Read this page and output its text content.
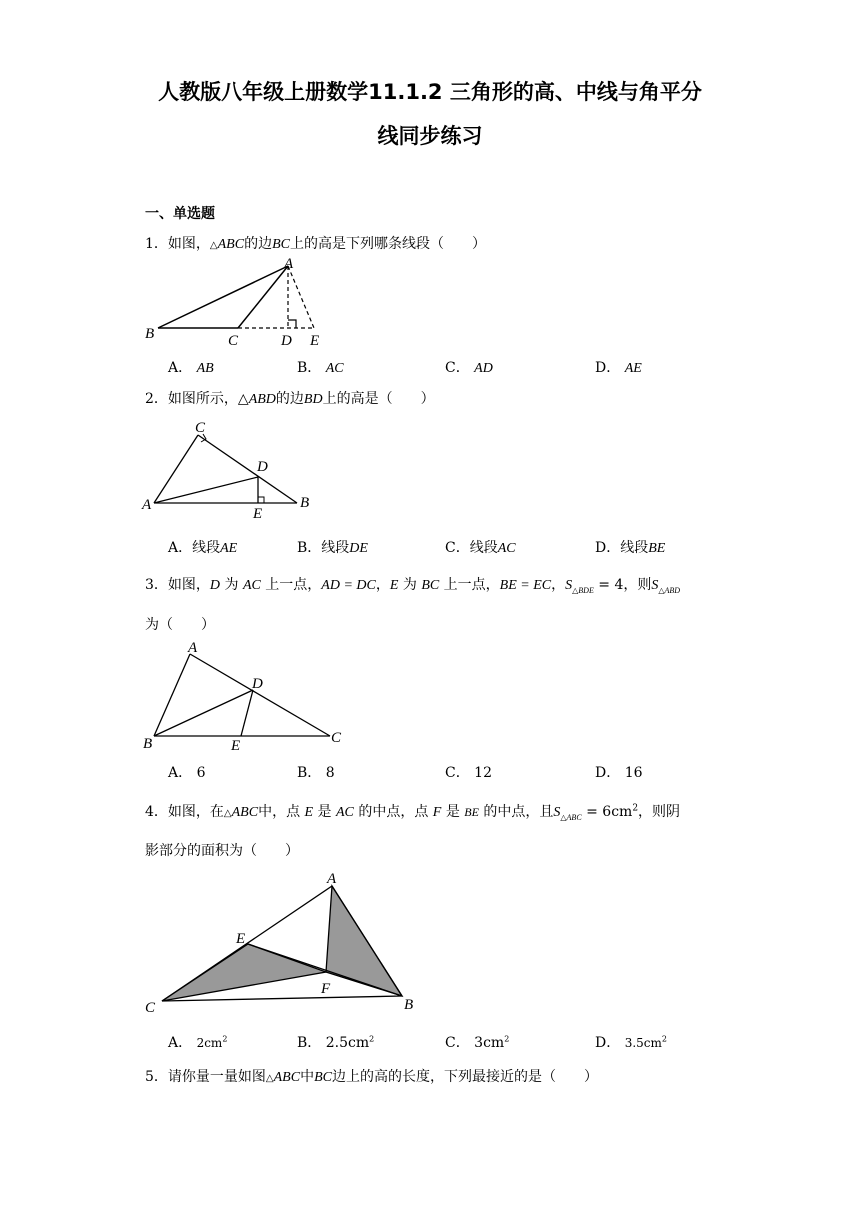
人教版八年级上册数学11.1.2 三角形的高、中线与角平分
线同步练习
一、单选题
1．如图，△ABC的边BC上的高是下列哪条线段（　　）
A
B	C	D E
A． AB	B． AC	C． AD	D． AE
2．如图所示，△ABD的边BD上的高是（　　）
C
D
A	B
E
A．线段AE	B．线段DE	C．线段AC	D．线段BE
3．如图，D 为 AC 上一点，AD = DC，E 为 BC 上一点，BE = EC，$S_{\triangle BDE} = 4$，则$S_{\triangle ABD}$
为（　　）
A
D
B	E	C
A． 6	B． 8	C． 12	D． 16
4．如图，在△ABC中，点 E 是 AC 的中点，点 F 是 BE 的中点，且$S_{\triangle ABC} = 6cm^2$，则阴
影部分的面积为（　　）
A
E
F
C	B
A． $2cm^2$	B． $2.5cm^2$	C． $3cm^2$	D． $3.5cm^2$
5．请你量一量如图△ABC中BC边上的高的长度，下列最接近的是（　　）
